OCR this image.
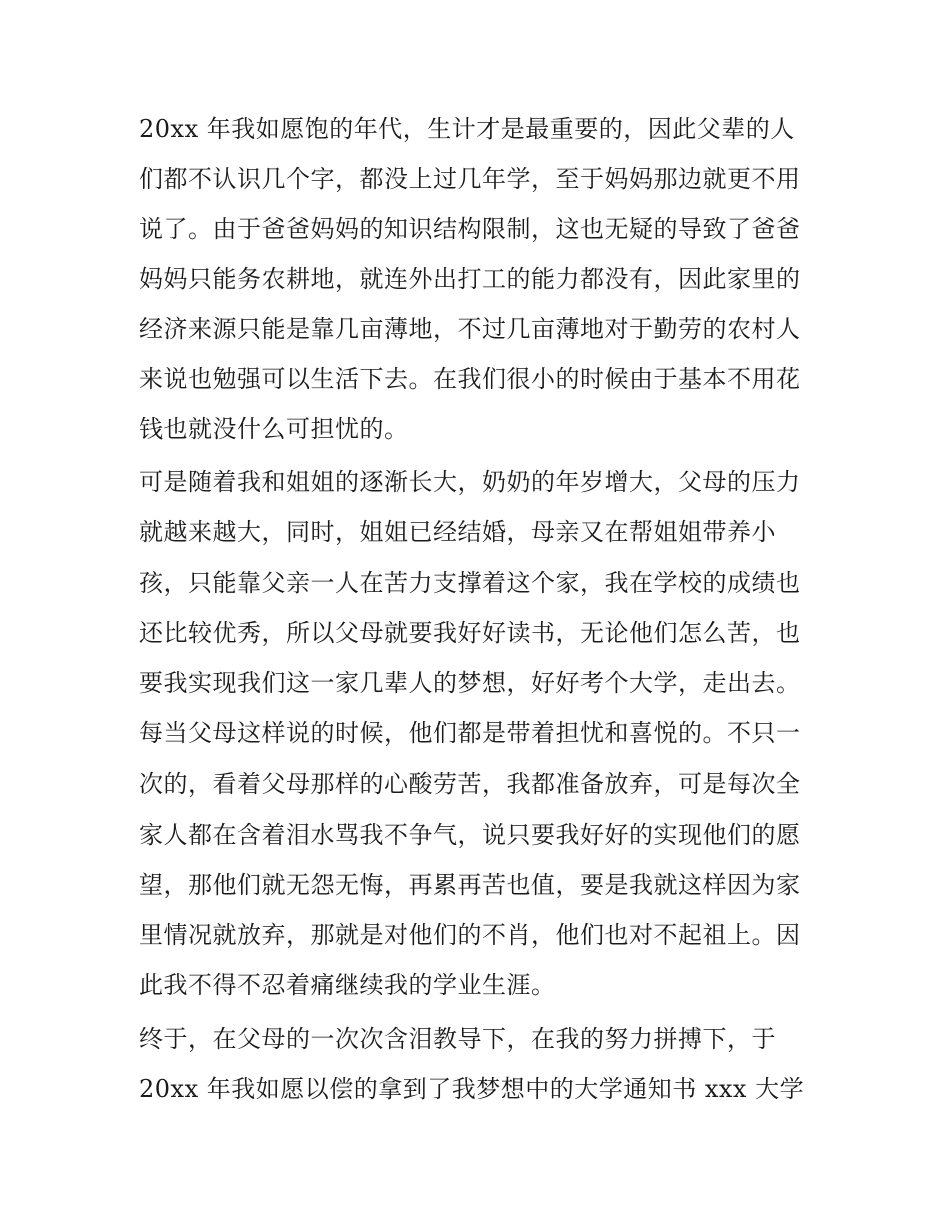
20xx 年我如愿饱的年代，生计才是最重要的，因此父辈的人
们都不认识几个字，都没上过几年学，至于妈妈那边就更不用
说了。由于爸爸妈妈的知识结构限制，这也无疑的导致了爸爸
妈妈只能务农耕地，就连外出打工的能力都没有，因此家里的
经济来源只能是靠几亩薄地，不过几亩薄地对于勤劳的农村人
来说也勉强可以生活下去。在我们很小的时候由于基本不用花
钱也就没什么可担忧的。
可是随着我和姐姐的逐渐长大，奶奶的年岁增大，父母的压力
就越来越大，同时，姐姐已经结婚，母亲又在帮姐姐带养小
孩，只能靠父亲一人在苦力支撑着这个家，我在学校的成绩也
还比较优秀，所以父母就要我好好读书，无论他们怎么苦，也
要我实现我们这一家几辈人的梦想，好好考个大学，走出去。
每当父母这样说的时候，他们都是带着担忧和喜悦的。不只一
次的，看着父母那样的心酸劳苦，我都准备放弃，可是每次全
家人都在含着泪水骂我不争气，说只要我好好的实现他们的愿
望，那他们就无怨无悔，再累再苦也值，要是我就这样因为家
里情况就放弃，那就是对他们的不肖，他们也对不起祖上。因
此我不得不忍着痛继续我的学业生涯。
终于，在父母的一次次含泪教导下，在我的努力拼搏下，于
20xx 年我如愿以偿的拿到了我梦想中的大学通知书 xxx 大学
